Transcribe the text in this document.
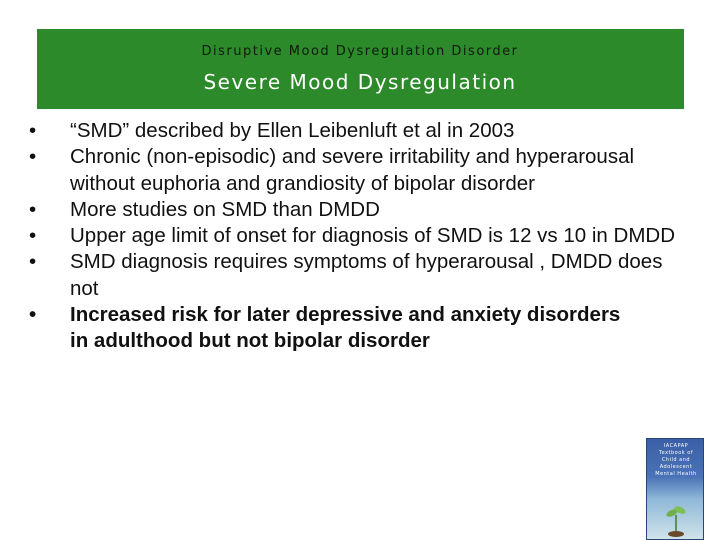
Disruptive Mood Dysregulation Disorder
Severe Mood Dysregulation
•	“SMD” described by Ellen Leibenluft et al in 2003
•	Chronic (non-episodic) and severe irritability and hyperarousal without euphoria and grandiosity of bipolar disorder
•	More studies on SMD than DMDD
•	Upper age limit of onset for diagnosis of SMD is 12 vs 10 in DMDD
•	SMD diagnosis requires symptoms of hyperarousal , DMDD does not
•	Increased risk for later depressive and anxiety disorders in adulthood but not bipolar disorder
IACAPAP Textbook of Child and Adolescent Mental Health
